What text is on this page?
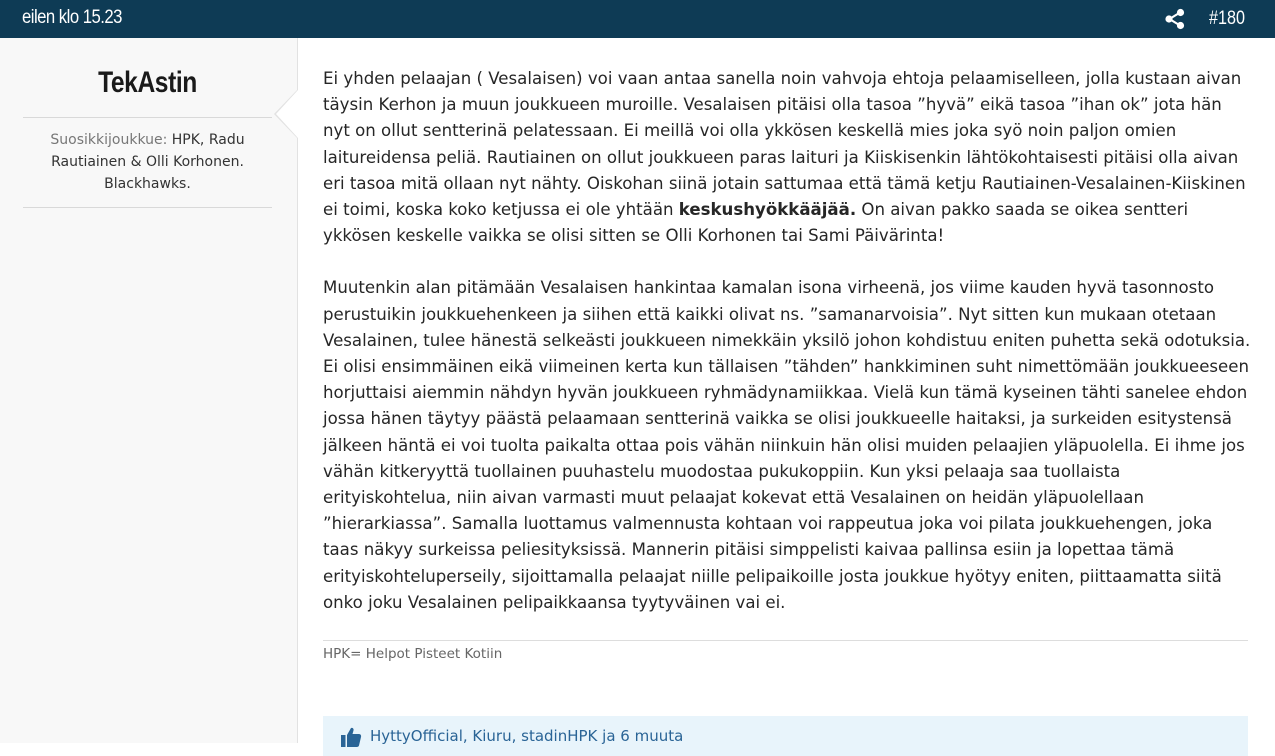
eilen klo 15.23	#180
TekAstin
Suosikkijoukkue: HPK, Radu Rautiainen & Olli Korhonen. Blackhawks.

Ei yhden pelaajan ( Vesalaisen) voi vaan antaa sanella noin vahvoja ehtoja pelaamiselleen, jolla kustaan aivan täysin Kerhon ja muun joukkueen muroille. Vesalaisen pitäisi olla tasoa ”hyvä” eikä tasoa ”ihan ok” jota hän nyt on ollut sentterinä pelatessaan. Ei meillä voi olla ykkösen keskellä mies joka syö noin paljon omien laitureidensa peliä. Rautiainen on ollut joukkueen paras laituri ja Kiiskisenkin lähtökohtaisesti pitäisi olla aivan eri tasoa mitä ollaan nyt nähty. Oiskohan siinä jotain sattumaa että tämä ketju Rautiainen-Vesalainen-Kiiskinen ei toimi, koska koko ketjussa ei ole yhtään keskushyökkääjää. On aivan pakko saada se oikea sentteri ykkösen keskelle vaikka se olisi sitten se Olli Korhonen tai Sami Päivärinta!

Muutenkin alan pitämään Vesalaisen hankintaa kamalan isona virheenä, jos viime kauden hyvä tasonnosto perustuikin joukkuehenkeen ja siihen että kaikki olivat ns. ”samanarvoisia”. Nyt sitten kun mukaan otetaan Vesalainen, tulee hänestä selkeästi joukkueen nimekkäin yksilö johon kohdistuu eniten puhetta sekä odotuksia. Ei olisi ensimmäinen eikä viimeinen kerta kun tällaisen ”tähden” hankkiminen suht nimettömään joukkueeseen horjuttaisi aiemmin nähdyn hyvän joukkueen ryhmädynamiikkaa. Vielä kun tämä kyseinen tähti sanelee ehdon jossa hänen täytyy päästä pelaamaan sentterinä vaikka se olisi joukkueelle haitaksi, ja surkeiden esitystensä jälkeen häntä ei voi tuolta paikalta ottaa pois vähän niinkuin hän olisi muiden pelaajien yläpuolella. Ei ihme jos vähän kitkeryyttä tuollainen puuhastelu muodostaa pukukoppiin. Kun yksi pelaaja saa tuollaista erityiskohtelua, niin aivan varmasti muut pelaajat kokevat että Vesalainen on heidän yläpuolellaan ”hierarkiassa”. Samalla luottamus valmennusta kohtaan voi rappeutua joka voi pilata joukkuehengen, joka taas näkyy surkeissa peliesityksissä. Mannerin pitäisi simppelisti kaivaa pallinsa esiin ja lopettaa tämä erityiskohteluperseily, sijoittamalla pelaajat niille pelipaikoille josta joukkue hyötyy eniten, piittaamatta siitä onko joku Vesalainen pelipaikkaansa tyytyväinen vai ei.

HPK= Helpot Pisteet Kotiin
HyttyOfficial, Kiuru, stadinHPK ja 6 muuta
